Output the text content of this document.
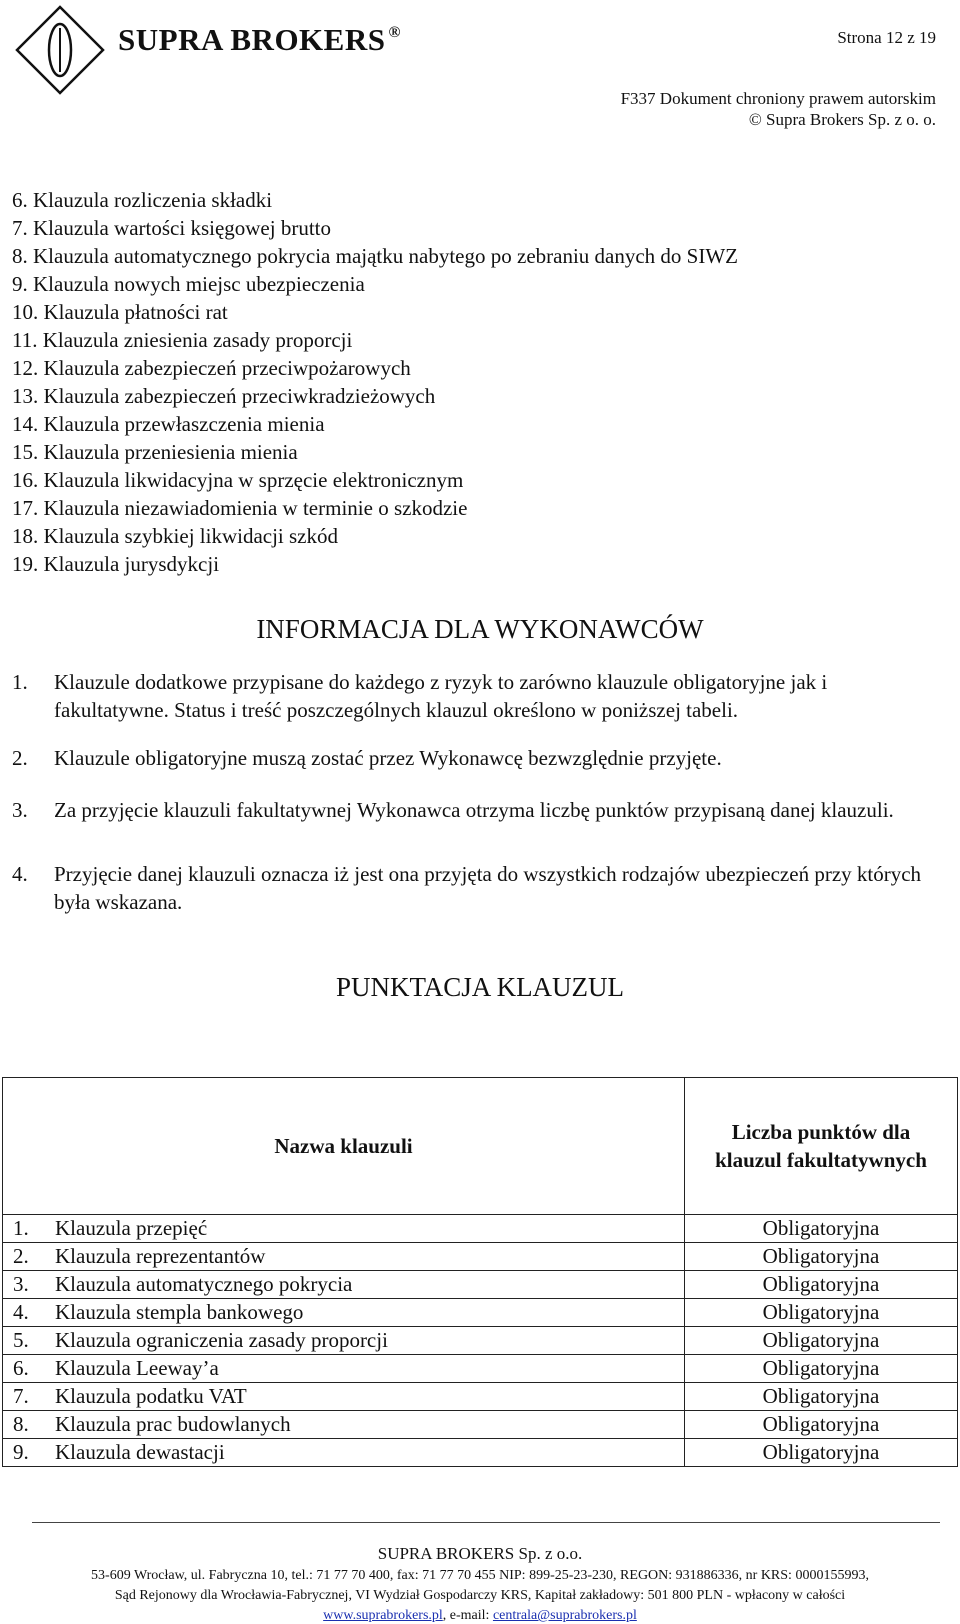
SUPRA BROKERS ®	Strona 12 z 19
F337 Dokument chroniony prawem autorskim
© Supra Brokers Sp. z o. o.
6. Klauzula rozliczenia składki
7. Klauzula wartości księgowej brutto
8. Klauzula automatycznego pokrycia majątku nabytego po zebraniu danych do SIWZ
9. Klauzula nowych miejsc ubezpieczenia
10. Klauzula płatności rat
11. Klauzula zniesienia zasady proporcji
12. Klauzula zabezpieczeń przeciwpożarowych
13. Klauzula zabezpieczeń przeciwkradzieżowych
14. Klauzula przewłaszczenia mienia
15. Klauzula przeniesienia mienia
16. Klauzula likwidacyjna w sprzęcie elektronicznym
17. Klauzula niezawiadomienia w terminie o szkodzie
18. Klauzula szybkiej likwidacji szkód
19. Klauzula jurysdykcji
INFORMACJA DLA WYKONAWCÓW
1. Klauzule dodatkowe przypisane do każdego z ryzyk to zarówno klauzule obligatoryjne jak i fakultatywne. Status i treść poszczególnych klauzul określono w poniższej tabeli.
2. Klauzule obligatoryjne muszą zostać przez Wykonawcę bezwzględnie przyjęte.
3. Za przyjęcie klauzuli fakultatywnej Wykonawca otrzyma liczbę punktów przypisaną danej klauzuli.
4. Przyjęcie danej klauzuli oznacza iż jest ona przyjęta do wszystkich rodzajów ubezpieczeń przy których była wskazana.
PUNKTACJA KLAUZUL
Nazwa klauzuli	Liczba punktów dla klauzul fakultatywnych
1. Klauzula przepięć	Obligatoryjna
2. Klauzula reprezentantów	Obligatoryjna
3. Klauzula automatycznego pokrycia	Obligatoryjna
4. Klauzula stempla bankowego	Obligatoryjna
5. Klauzula ograniczenia zasady proporcji	Obligatoryjna
6. Klauzula Leeway’a	Obligatoryjna
7. Klauzula podatku VAT	Obligatoryjna
8. Klauzula prac budowlanych	Obligatoryjna
9. Klauzula dewastacji	Obligatoryjna
SUPRA BROKERS Sp. z o.o.
53-609 Wrocław, ul. Fabryczna 10, tel.: 71 77 70 400, fax: 71 77 70 455 NIP: 899-25-23-230, REGON: 931886336, nr KRS: 0000155993,
Sąd Rejonowy dla Wrocławia-Fabrycznej, VI Wydział Gospodarczy KRS, Kapitał zakładowy: 501 800 PLN - wpłacony w całości
www.suprabrokers.pl, e-mail: centrala@suprabrokers.pl
